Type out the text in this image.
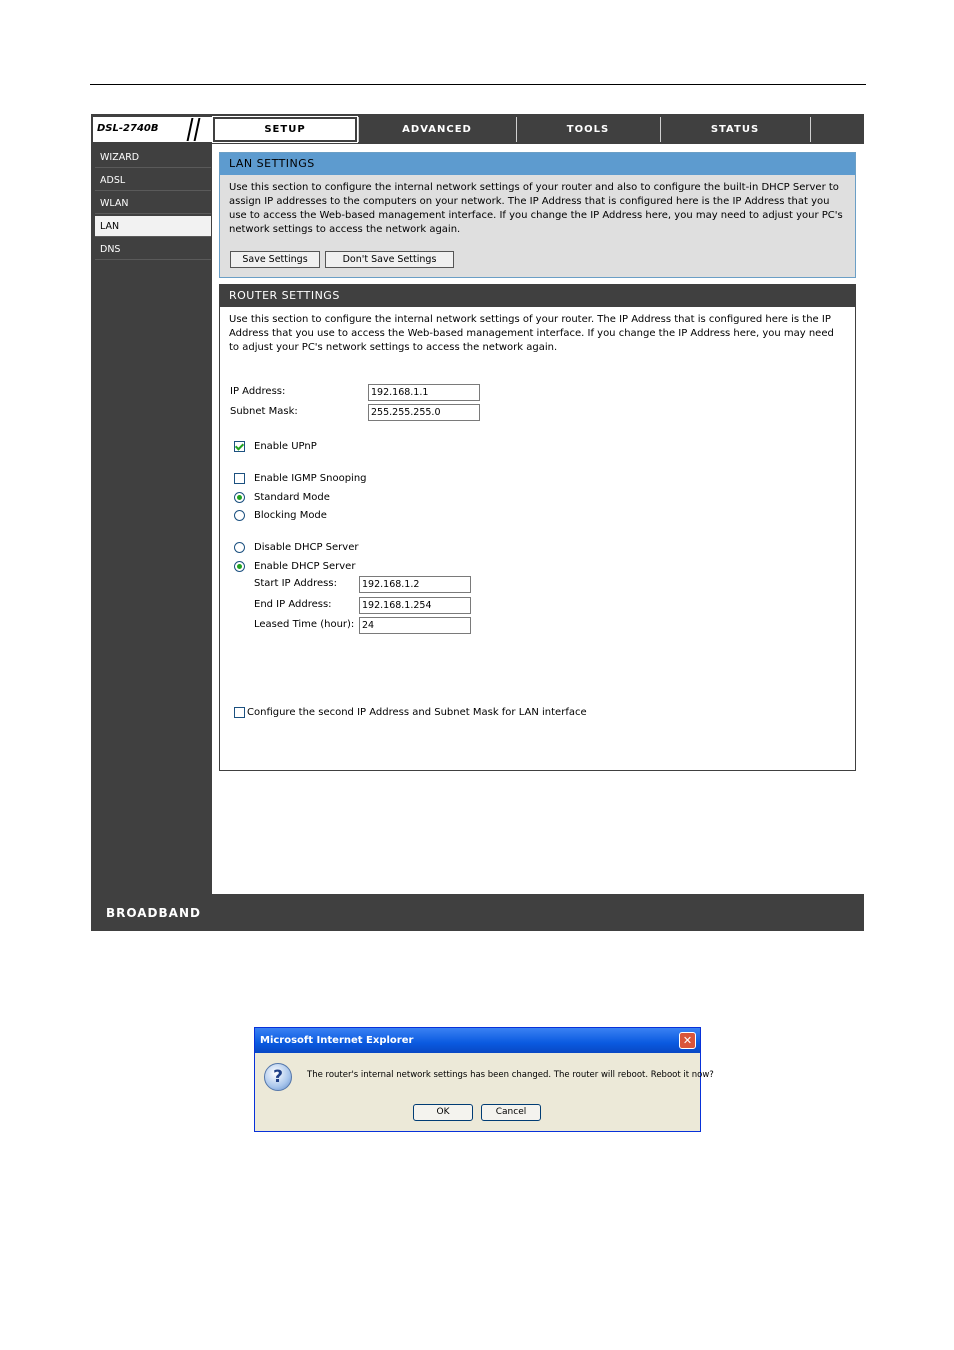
DSL-2740B	SETUP	ADVANCED	TOOLS	STATUS
WIZARD
ADSL
WLAN
LAN
DNS
LAN SETTINGS
Use this section to configure the internal network settings of your router and also to configure the built-in DHCP Server to assign IP addresses to the computers on your network. The IP Address that is configured here is the IP Address that you use to access the Web-based management interface. If you change the IP Address here, you may need to adjust your PC's network settings to access the network again.
Save Settings	Don't Save Settings
ROUTER SETTINGS
Use this section to configure the internal network settings of your router. The IP Address that is configured here is the IP Address that you use to access the Web-based management interface. If you change the IP Address here, you may need to adjust your PC's network settings to access the network again.
IP Address:	192.168.1.1
Subnet Mask:	255.255.255.0
Enable UPnP
Enable IGMP Snooping
Standard Mode
Blocking Mode
Disable DHCP Server
Enable DHCP Server
Start IP Address:	192.168.1.2
End IP Address:	192.168.1.254
Leased Time (hour): 24
Configure the second IP Address and Subnet Mask for LAN interface
BROADBAND
Microsoft Internet Explorer	✕
?	The router's internal network settings has been changed. The router will reboot. Reboot it now?
OK	Cancel
